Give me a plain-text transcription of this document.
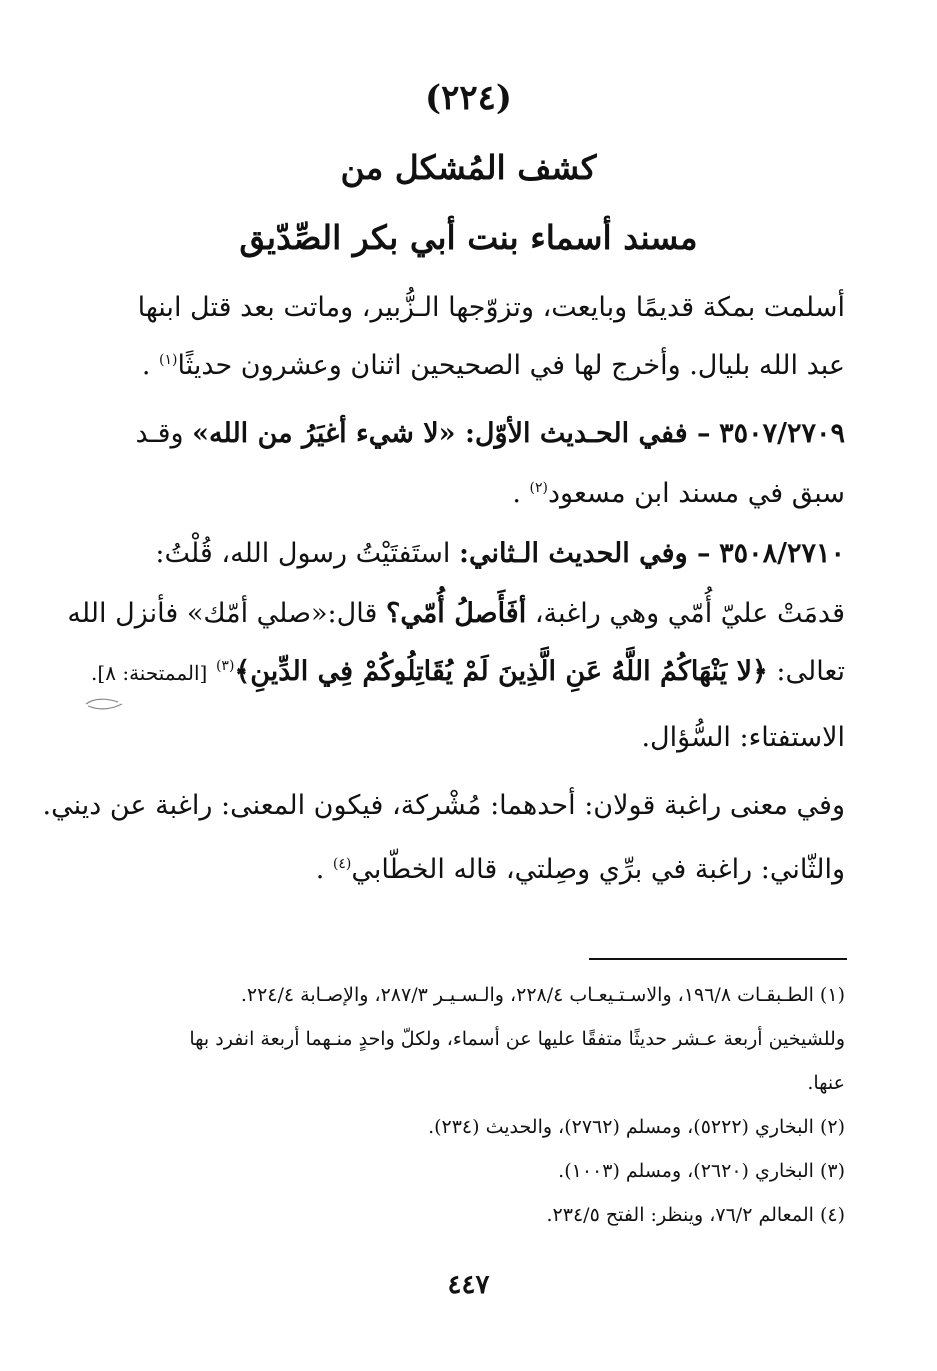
(٢٢٤)
كشف المُشكل من
مسند أسماء بنت أبي بكر الصِّدّيق
أسلمت بمكة قديمًا وبايعت، وتزوّجها الـزُّبير، وماتت بعد قتل ابنها
عبد الله بليال. وأخرج لها في الصحيحين اثنان وعشرون حديثًا$^{(١)}$ .
٣٥٠٧/٢٧٠٩ – ففي الحـديث الأوّل: «لا شيء أغيَرُ من الله» وقـد
سبق في مسند ابن مسعود$^{(٢)}$ .
٣٥٠٨/٢٧١٠ – وفي الحديث الـثاني: استَفتَيْتُ رسول الله، قُلْتُ:
قدمَتْ عليّ أُمّي وهي راغبة، أفَأَصلُ أُمّي؟ قال:«صلي أمّك» فأنزل الله
تعالى: ﴿لا يَنْهَاكُمُ اللَّهُ عَنِ الَّذِينَ لَمْ يُقَاتِلُوكُمْ فِي الدِّينِ﴾$^{(٣)}$ [الممتحنة: ٨].
الاستفتاء: السُّؤال.
وفي معنى راغبة قولان: أحدهما: مُشْركة، فيكون المعنى: راغبة عن ديني.
والثّاني: راغبة في برِّي وصِلتي، قاله الخطّابي$^{(٤)}$ .
(١) الطـبقـات ١٩٦/٨، والاسـتـيعـاب ٢٢٨/٤، والـسـيـر ٢٨٧/٣، والإصـابة ٢٢٤/٤.
وللشيخين أربعة عـشر حديثًا متفقًا عليها عن أسماء، ولكلّ واحدٍ منـهما أربعة انفرد بها
عنها.
(٢) البخاري (٥٢٢٢)، ومسلم (٢٧٦٢)، والحديث (٢٣٤).
(٣) البخاري (٢٦٢٠)، ومسلم (١٠٠٣).
(٤) المعالم ٧٦/٢، وينظر: الفتح ٢٣٤/٥.
٤٤٧
